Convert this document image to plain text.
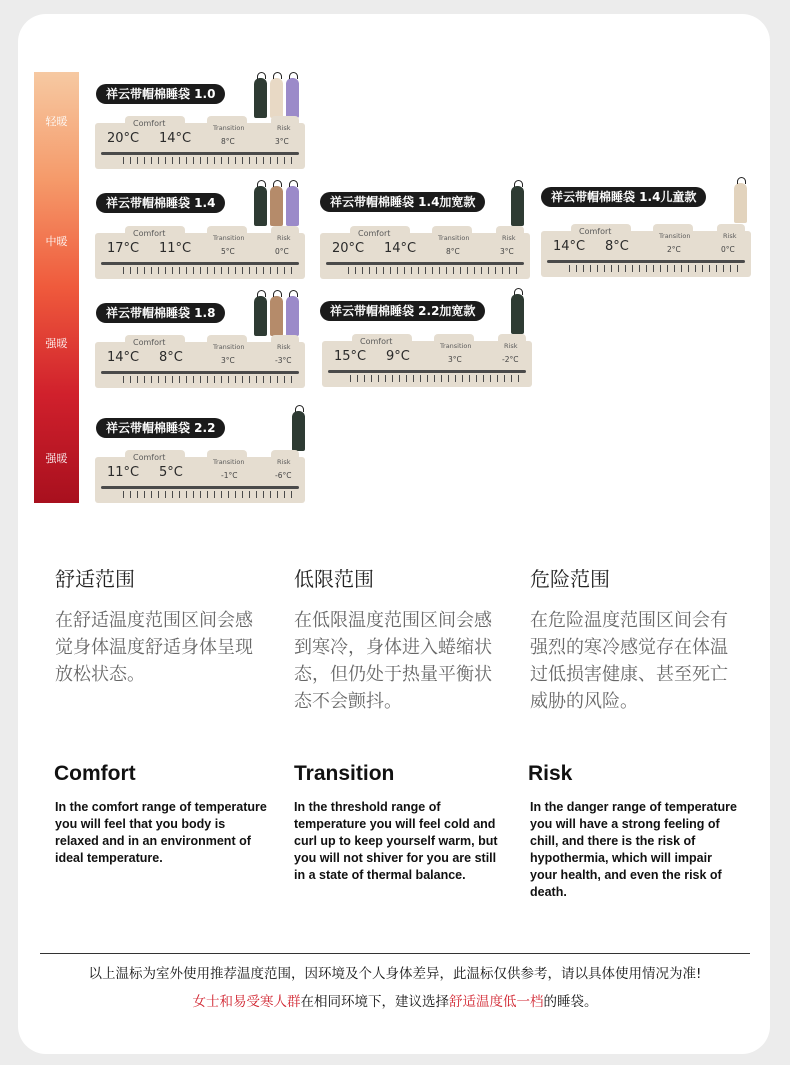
轻暖
中暖
强暖
强暖
祥云带帽棉睡袋 1.0
Comfort	Transition	Risk
20°C 14°C	8°C	3°C
祥云带帽棉睡袋 1.4
Comfort	Transition	Risk
17°C 11°C	5°C	0°C
祥云带帽棉睡袋 1.4加宽款
Comfort	Transition	Risk
20°C 14°C	8°C	3°C
祥云带帽棉睡袋 1.4儿童款
Comfort	Transition	Risk
14°C 8°C	2°C	0°C
祥云带帽棉睡袋 1.8
Comfort	Transition	Risk
14°C 8°C	3°C	-3°C
祥云带帽棉睡袋 2.2加宽款
Comfort	Transition	Risk
15°C 9°C	3°C	-2°C
祥云带帽棉睡袋 2.2
Comfort	Transition	Risk
11°C 5°C	-1°C	-6°C
舒适范围	低限范围	危险范围
在舒适温度范围区间会感觉身体温度舒适身体呈现放松状态。
在低限温度范围区间会感到寒冷，身体进入蜷缩状态，但仍处于热量平衡状态不会颤抖。
在危险温度范围区间会有强烈的寒冷感觉存在体温过低损害健康、甚至死亡威胁的风险。
Comfort	Transition	Risk
In the comfort range of temperature you will feel that you body is relaxed and in an environment of ideal temperature.
In the threshold range of temperature you will feel cold and curl up to keep yourself warm, but you will not shiver for you are still in a state of thermal balance.
In the danger range of temperature you will have a strong feeling of chill, and there is the risk of hypothermia, which will impair your health, and even the risk of death.
以上温标为室外使用推荐温度范围，因环境及个人身体差异，此温标仅供参考，请以具体使用情况为准!
女士和易受寒人群在相同环境下，建议选择舒适温度低一档的睡袋。
